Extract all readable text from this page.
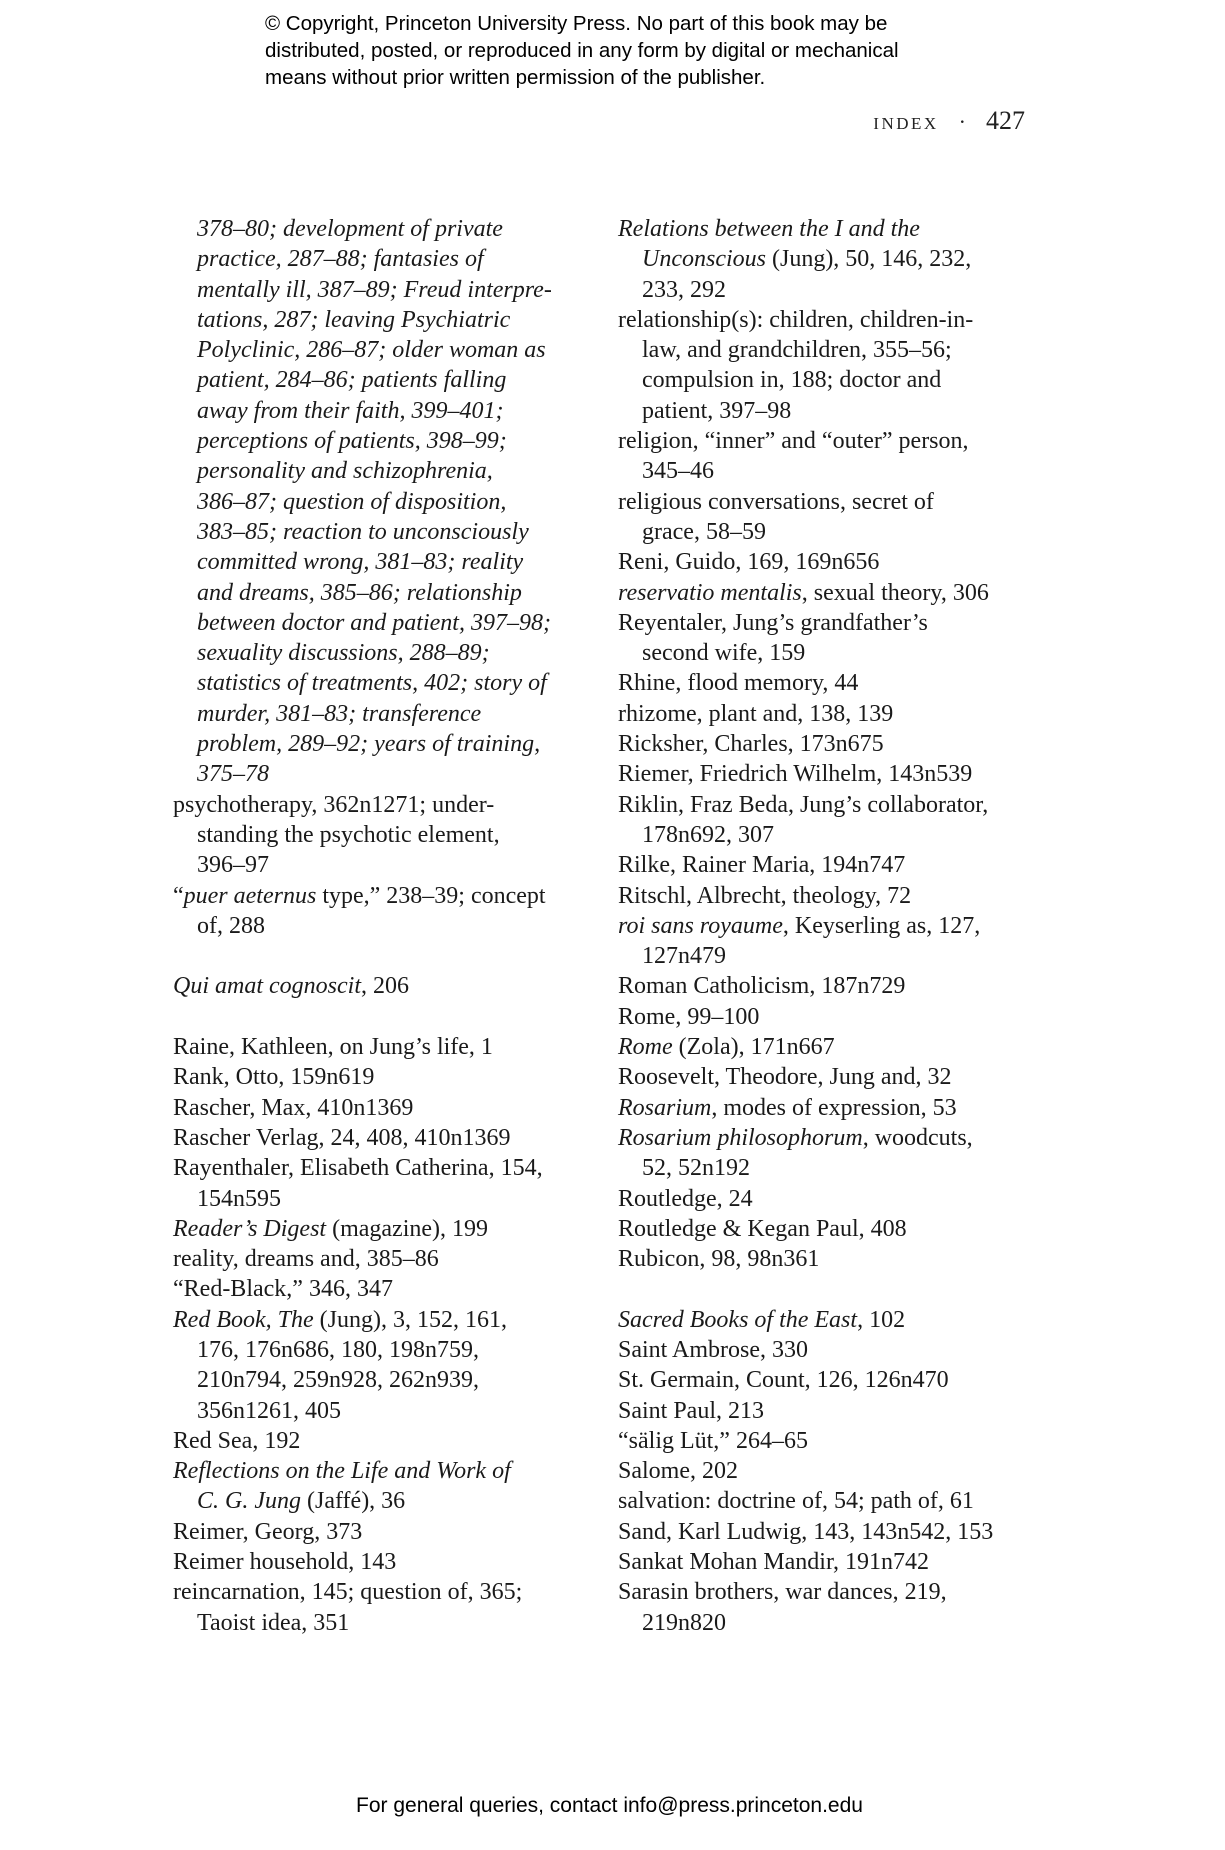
© Copyright, Princeton University Press. No part of this book may be
distributed, posted, or reproduced in any form by digital or mechanical
means without prior written permission of the publisher.
INDEX · 427
378–80; development of private
practice, 287–88; fantasies of
mentally ill, 387–89; Freud interpre-
tations, 287; leaving Psychiatric
Polyclinic, 286–87; older woman as
patient, 284–86; patients falling
away from their faith, 399–401;
perceptions of patients, 398–99;
personality and schizophrenia,
386–87; question of disposition,
383–85; reaction to unconsciously
committed wrong, 381–83; reality
and dreams, 385–86; relationship
between doctor and patient, 397–98;
sexuality discussions, 288–89;
statistics of treatments, 402; story of
murder, 381–83; transference
problem, 289–92; years of training,
375–78
psychotherapy, 362n1271; under-
standing the psychotic element,
396–97
“puer aeternus type,” 238–39; concept
of, 288
Qui amat cognoscit, 206
Raine, Kathleen, on Jung’s life, 1
Rank, Otto, 159n619
Rascher, Max, 410n1369
Rascher Verlag, 24, 408, 410n1369
Rayenthaler, Elisabeth Catherina, 154,
154n595
Reader’s Digest (magazine), 199
reality, dreams and, 385–86
“Red-Black,” 346, 347
Red Book, The (Jung), 3, 152, 161,
176, 176n686, 180, 198n759,
210n794, 259n928, 262n939,
356n1261, 405
Red Sea, 192
Reflections on the Life and Work of
C. G. Jung (Jaffé), 36
Reimer, Georg, 373
Reimer household, 143
reincarnation, 145; question of, 365;
Taoist idea, 351
Relations between the I and the
Unconscious (Jung), 50, 146, 232,
233, 292
relationship(s): children, children-in-
law, and grandchildren, 355–56;
compulsion in, 188; doctor and
patient, 397–98
religion, “inner” and “outer” person,
345–46
religious conversations, secret of
grace, 58–59
Reni, Guido, 169, 169n656
reservatio mentalis, sexual theory, 306
Reyentaler, Jung’s grandfather’s
second wife, 159
Rhine, flood memory, 44
rhizome, plant and, 138, 139
Ricksher, Charles, 173n675
Riemer, Friedrich Wilhelm, 143n539
Riklin, Fraz Beda, Jung’s collaborator,
178n692, 307
Rilke, Rainer Maria, 194n747
Ritschl, Albrecht, theology, 72
roi sans royaume, Keyserling as, 127,
127n479
Roman Catholicism, 187n729
Rome, 99–100
Rome (Zola), 171n667
Roosevelt, Theodore, Jung and, 32
Rosarium, modes of expression, 53
Rosarium philosophorum, woodcuts,
52, 52n192
Routledge, 24
Routledge & Kegan Paul, 408
Rubicon, 98, 98n361
Sacred Books of the East, 102
Saint Ambrose, 330
St. Germain, Count, 126, 126n470
Saint Paul, 213
“sälig Lüt,” 264–65
Salome, 202
salvation: doctrine of, 54; path of, 61
Sand, Karl Ludwig, 143, 143n542, 153
Sankat Mohan Mandir, 191n742
Sarasin brothers, war dances, 219,
219n820
For general queries, contact info@press.princeton.edu
